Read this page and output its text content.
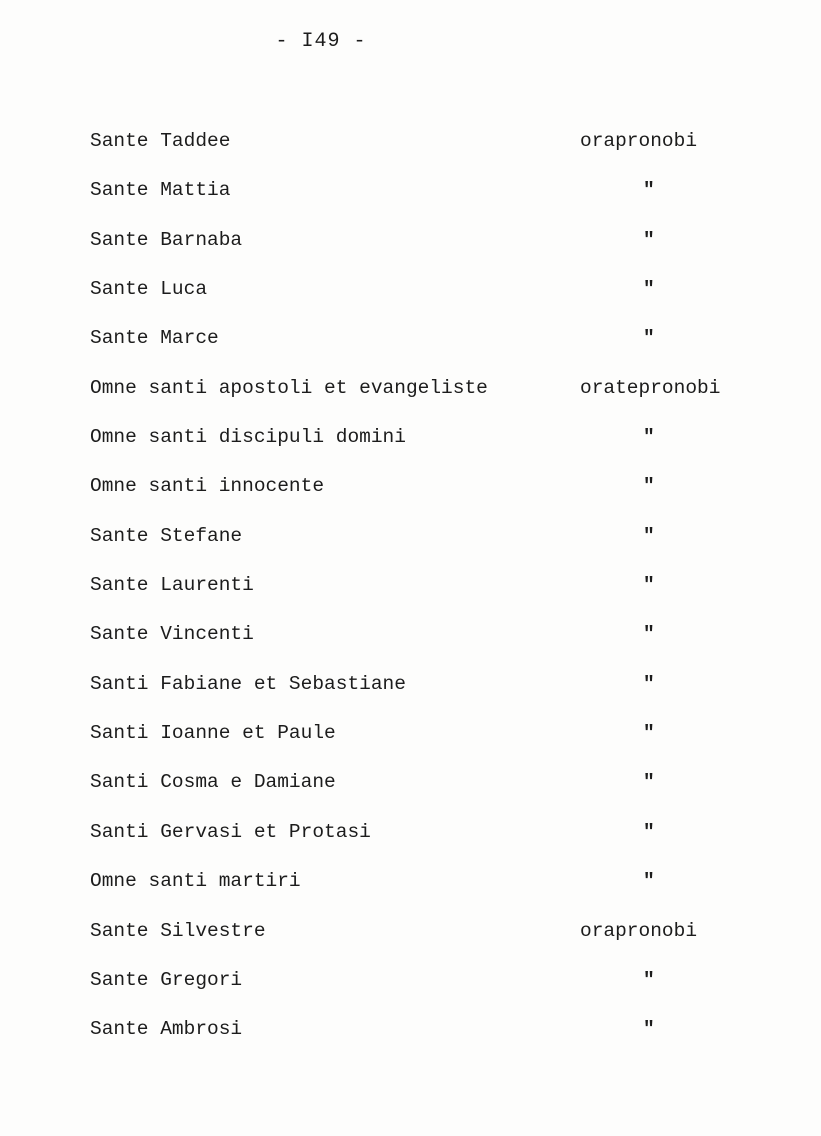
- I49 -
Sante Taddee	orapronobi
Sante Mattia	"
Sante Barnaba	"
Sante Luca	"
Sante Marce	"
Omne santi apostoli et evangeliste	oratepronobi
Omne santi discipuli domini	"
Omne santi innocente	"
Sante Stefane	"
Sante Laurenti	"
Sante Vincenti	"
Santi Fabiane et Sebastiane	"
Santi Ioanne et Paule	"
Santi Cosma e Damiane	"
Santi Gervasi et Protasi	"
Omne santi martiri	"
Sante Silvestre	orapronobi
Sante Gregori	"
Sante Ambrosi	"
